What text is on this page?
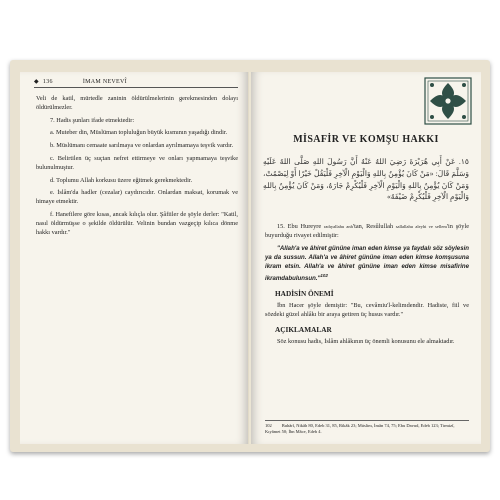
◆ 136	İMAM NEVEVÎ

Veli de katil, mürtedle zaninin öldürülmelerinin gerekmesinden dolayı öldürülmezler.

7. Hadis şunları ifade etmektedir:

a. Muteber din, Müslüman topluluğun büyük kısmının yaşadığı dindir.

b. Müslümanı cemaate sarılmaya ve onlardan ayrılmamaya teşvik vardır.

c. Belirtilen üç suçtan nefret ettirmeye ve onları yapmamaya teşvike bulunulmuştur.

d. Toplumu Allah korkusu üzere eğitmek gerekmektedir.

e. İslâm'da hadler (cezalar) caydırıcıdır. Onlardan maksat, korumak ve himaye etmektir.

f. Hanefilere göre kısas, ancak kılıçla olur. Şâfiiler de şöyle derler: "Katil, nasıl öldürmüşse o şekilde öldürülür. Velinin bundan vazgeçip kılıca dönme hakkı vardır."

MİSAFİR VE KOMŞU HAKKI
١٥. عَنْ أَبِي هُرَيْرَةَ رَضِيَ اللهُ عَنْهُ أَنَّ رَسُولَ اللهِ صَلَّى اللهُ عَلَيْهِ وَسَلَّمَ قَالَ: «مَنْ كَانَ يُؤْمِنُ بِاللهِ وَالْيَوْمِ الْآخِرِ فَلْيَقُلْ خَيْرًا أَوْ لِيَصْمُتْ، وَمَنْ كَانَ يُؤْمِنُ بِاللهِ وَالْيَوْمِ الْآخِرِ فَلْيُكْرِمْ جَارَهُ، وَمَنْ كَانَ يُؤْمِنُ بِاللهِ وَالْيَوْمِ الْآخِرِ فَلْيُكْرِمْ ضَيْفَهُ»

15. Ebu Hureyre radıyallahu anh'tan, Resûlullah sallallahu aleyhi ve sellem'in şöyle buyurduğu rivayet edilmiştir:

"Allah'a ve âhiret gününe iman eden kimse ya faydalı söz söylesin ya da sussun. Allah'a ve âhiret gününe iman eden kimse komşusuna ikram etsin. Allah'a ve âhiret gününe iman eden kimse misafirine ikramdabulunsun."$^{102}$

HADİSİN ÖNEMİ

İbn Hacer şöyle demiştir: "Bu, cevâmiu'l-kelimdendir. Hadiste, fiil ve sözdeki güzel ahlâkı bir araya getiren üç husus vardır."

AÇIKLAMALAR

Söz konusu hadis, İslâm ahlâkının üç önemli konusunu ele almaktadır.

102 Buhârî, Nikâh 80, Edeb 31, 85, Rikâk 23; Müslim, İmân 74, 75; Ebu Davud, Edeb 123; Tirmizî, Kıyâmet 50; İbn Mâce, Edeb 4.
